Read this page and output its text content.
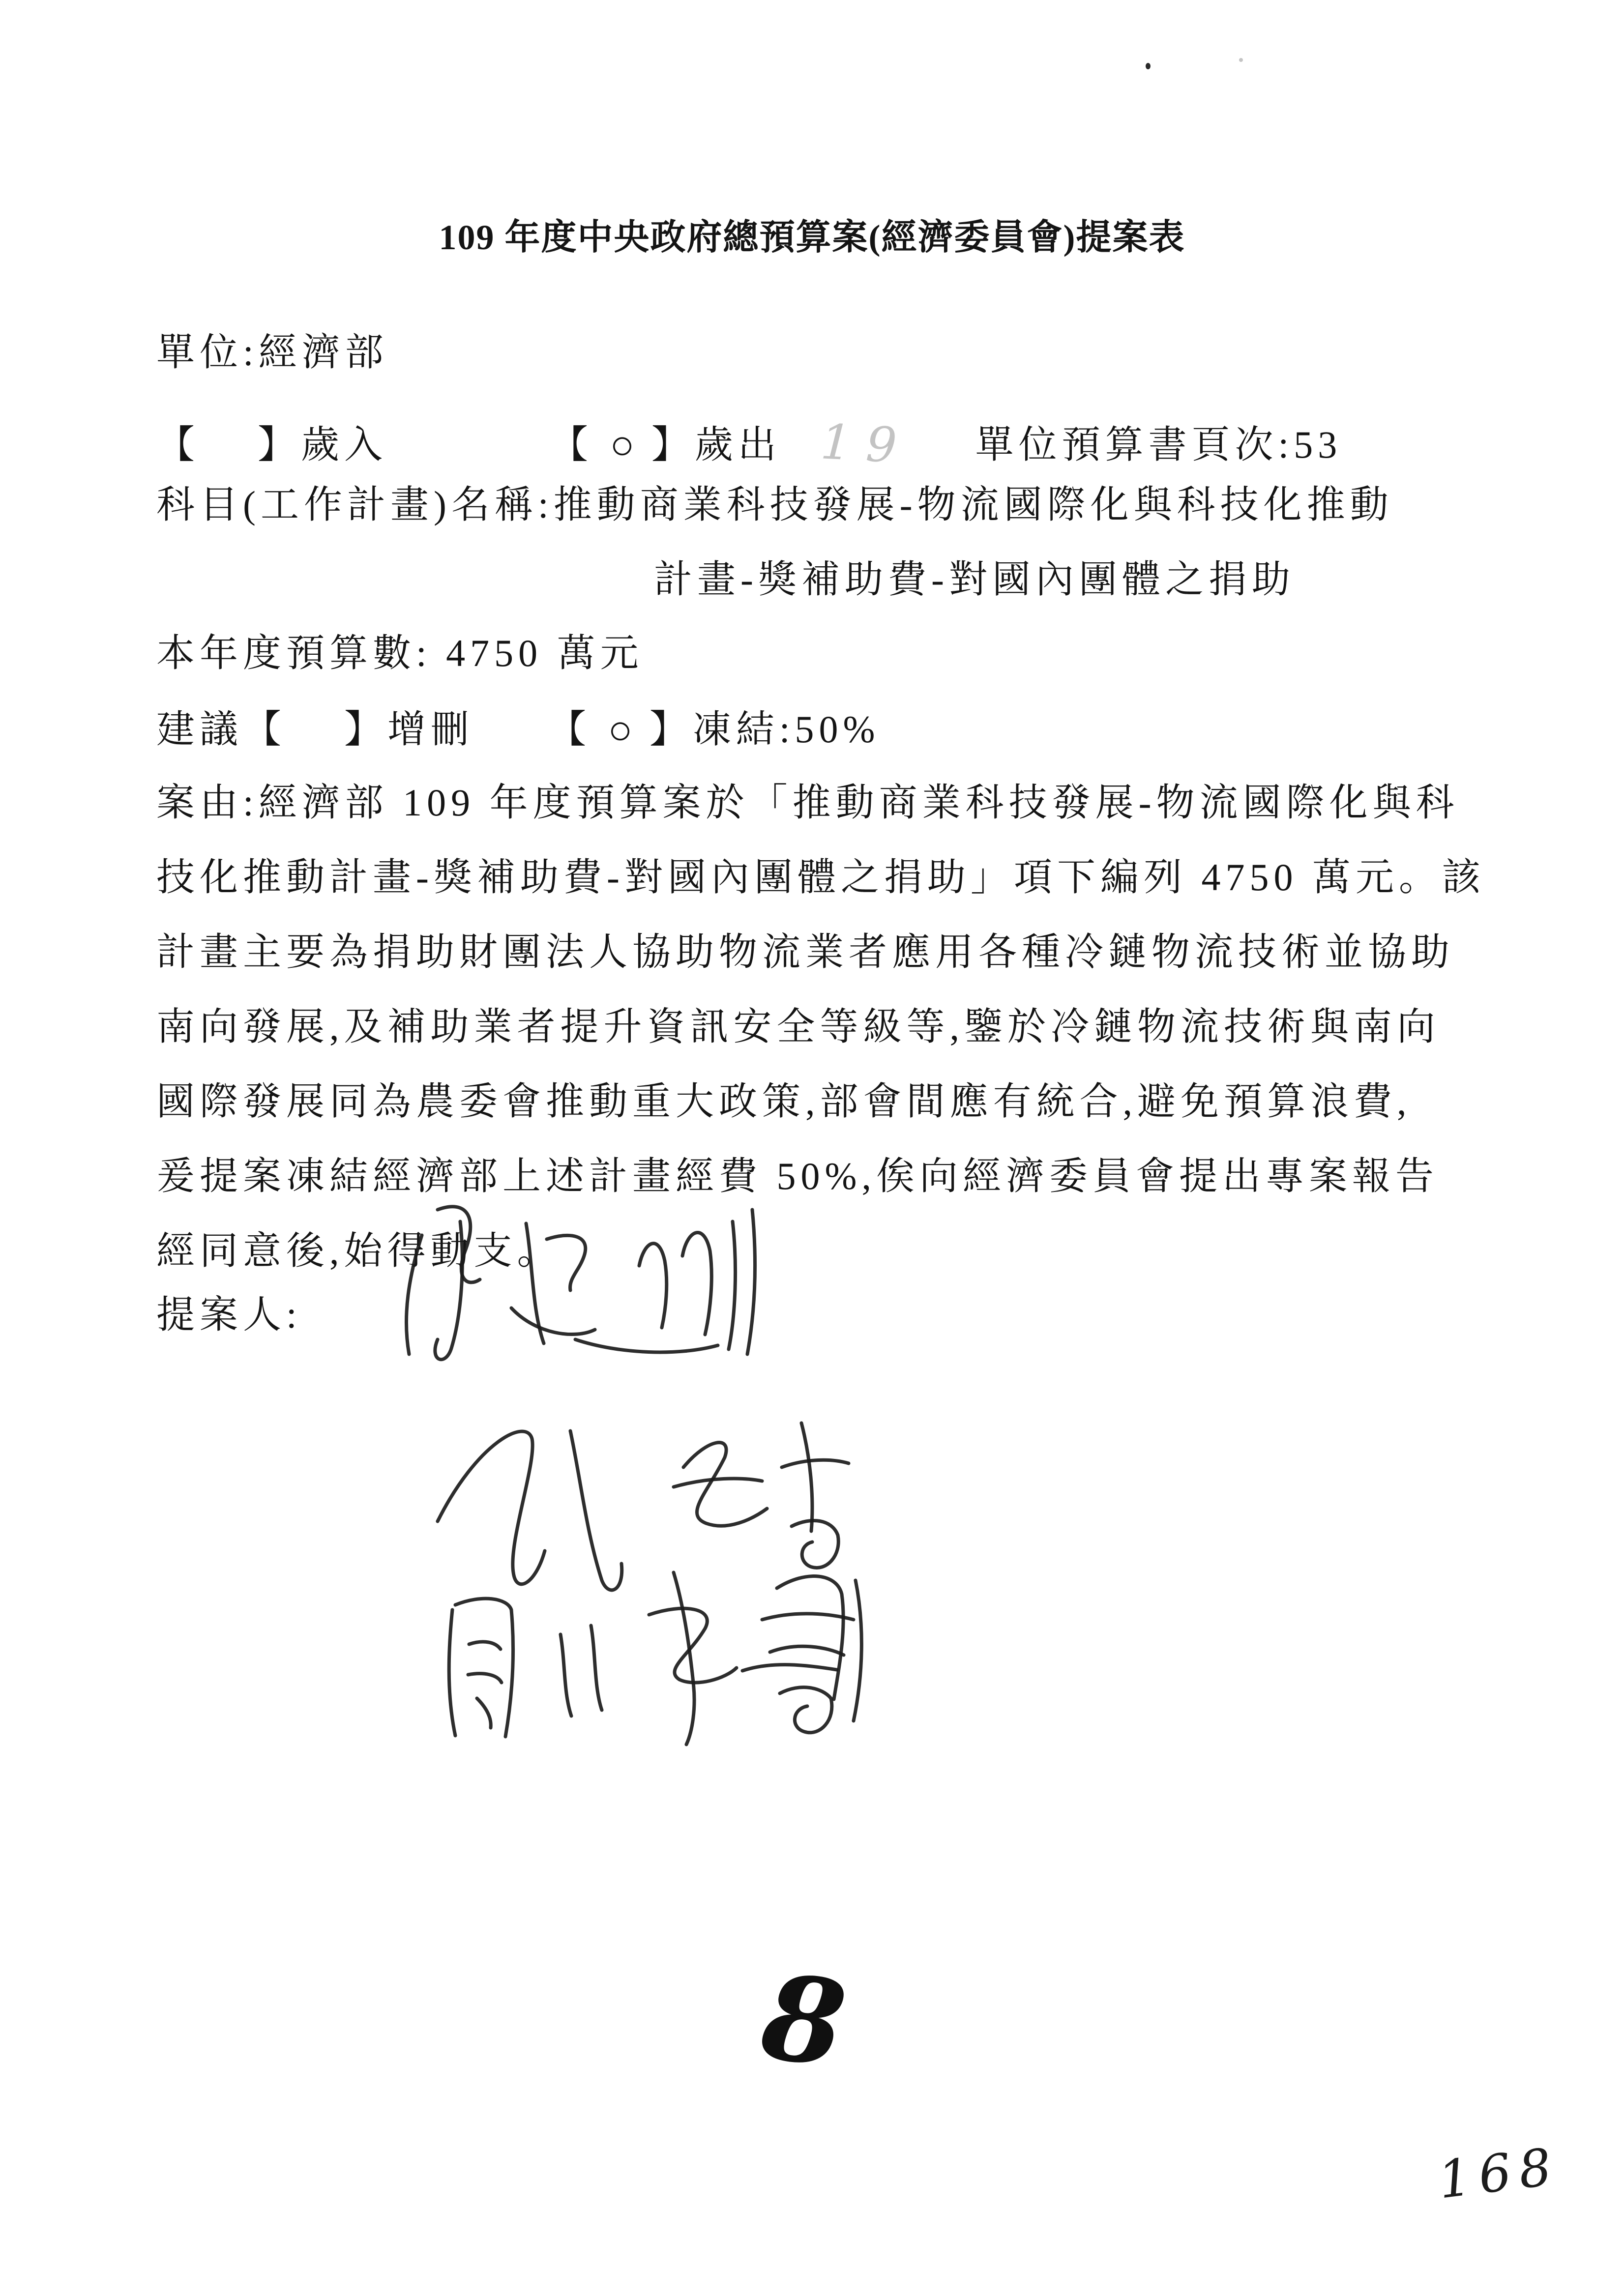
109 年度中央政府總預算案(經濟委員會)提案表
單位:經濟部
【 】 歲入	【 ○ 】 歲出 19 單位預算書頁次:53
科目(工作計畫)名稱:推動商業科技發展-物流國際化與科技化推動
計畫-獎補助費-對國內團體之捐助
本年度預算數: 4750 萬元
建議 【 】 增刪 【 ○ 】 凍結:50%
案由:經濟部 109 年度預算案於「推動商業科技發展-物流國際化與科
技化推動計畫-獎補助費-對國內團體之捐助」項下編列 4750 萬元。該
計畫主要為捐助財團法人協助物流業者應用各種冷鏈物流技術並協助
南向發展,及補助業者提升資訊安全等級等,鑒於冷鏈物流技術與南向
國際發展同為農委會推動重大政策,部會間應有統合,避免預算浪費,
爰提案凍結經濟部上述計畫經費 50%,俟向經濟委員會提出專案報告
經同意後,始得動支。
提案人:
8
168
